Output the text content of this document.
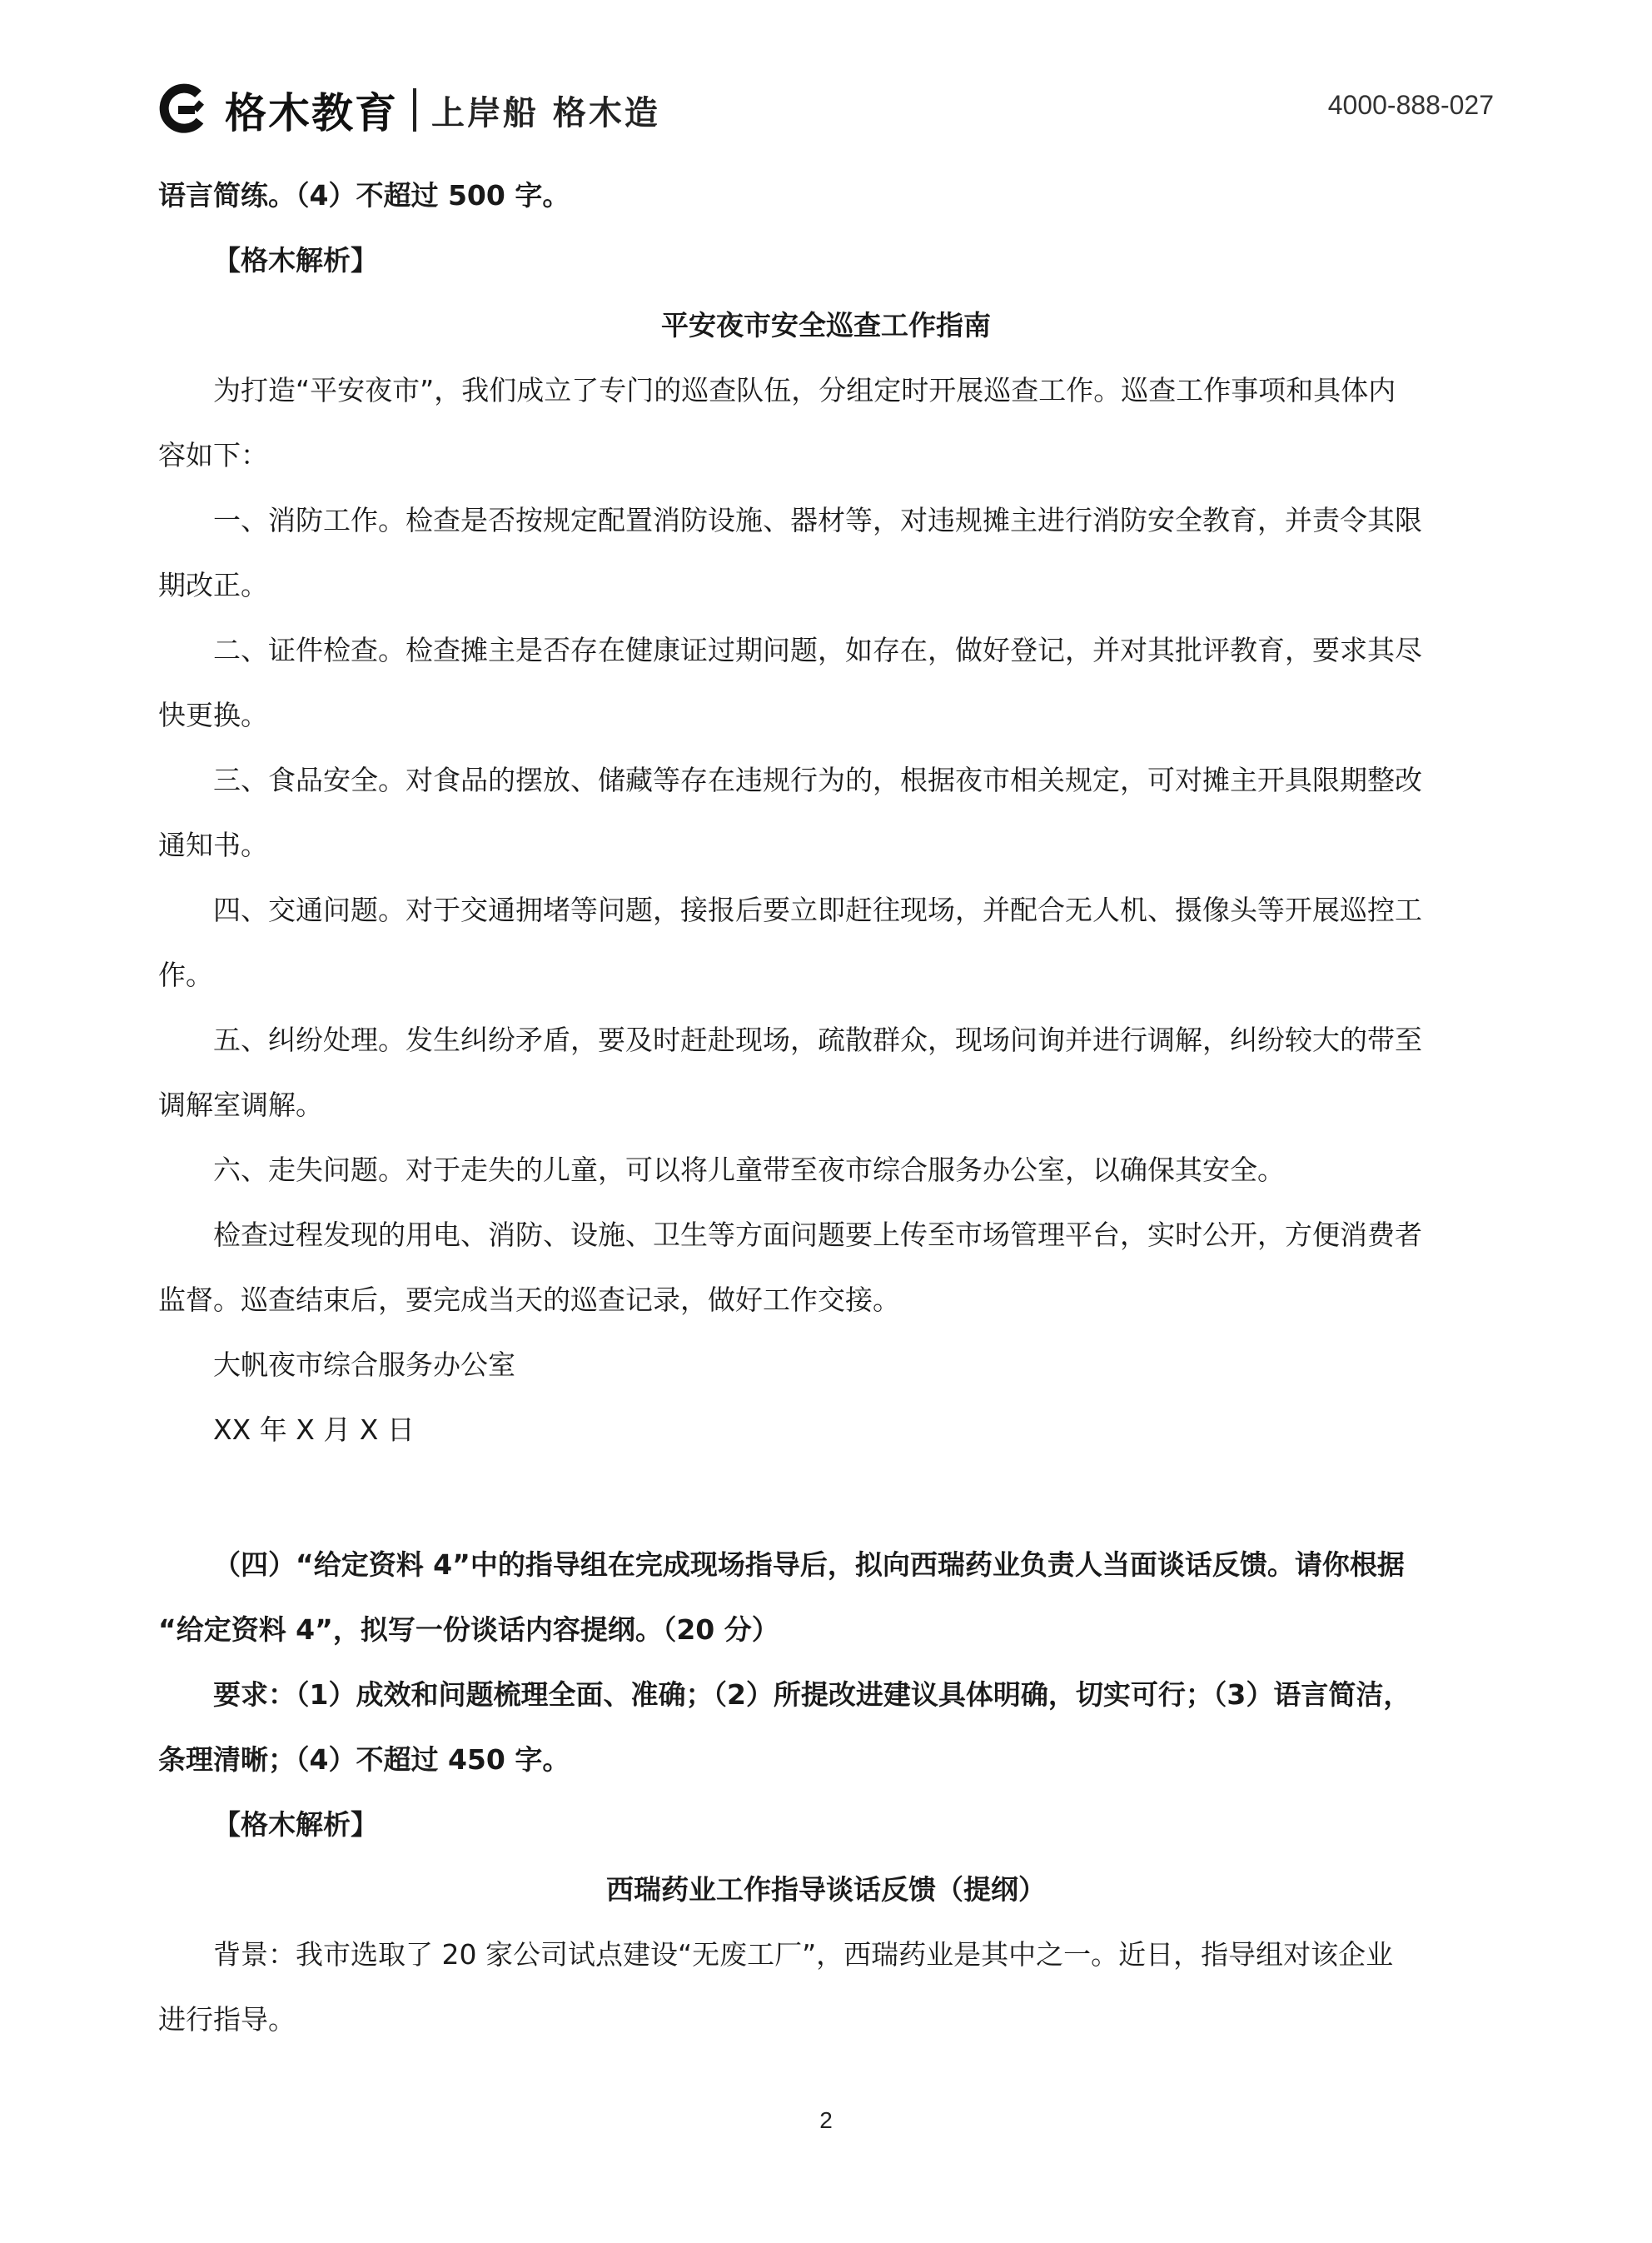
格木教育 上岸船 格木造	4000-888-027
语言简练。（4）不超过 500 字。
【格木解析】
平安夜市安全巡查工作指南
为打造“平安夜市”，我们成立了专门的巡查队伍，分组定时开展巡查工作。巡查工作事项和具体内
容如下：
一、消防工作。检查是否按规定配置消防设施、器材等，对违规摊主进行消防安全教育，并责令其限
期改正。
二、证件检查。检查摊主是否存在健康证过期问题，如存在，做好登记，并对其批评教育，要求其尽
快更换。
三、食品安全。对食品的摆放、储藏等存在违规行为的，根据夜市相关规定，可对摊主开具限期整改
通知书。
四、交通问题。对于交通拥堵等问题，接报后要立即赶往现场，并配合无人机、摄像头等开展巡控工
作。
五、纠纷处理。发生纠纷矛盾，要及时赶赴现场，疏散群众，现场问询并进行调解，纠纷较大的带至
调解室调解。
六、走失问题。对于走失的儿童，可以将儿童带至夜市综合服务办公室，以确保其安全。
检查过程发现的用电、消防、设施、卫生等方面问题要上传至市场管理平台，实时公开，方便消费者
监督。巡查结束后，要完成当天的巡查记录，做好工作交接。
大帆夜市综合服务办公室
XX 年 X 月 X 日
（四）“给定资料 4”中的指导组在完成现场指导后，拟向西瑞药业负责人当面谈话反馈。请你根据
“给定资料 4”，拟写一份谈话内容提纲。（20 分）
要求：（1）成效和问题梳理全面、准确；（2）所提改进建议具体明确，切实可行；（3）语言简洁，
条理清晰；（4）不超过 450 字。
【格木解析】
西瑞药业工作指导谈话反馈（提纲）
背景：我市选取了 20 家公司试点建设“无废工厂”，西瑞药业是其中之一。近日，指导组对该企业
进行指导。
2
